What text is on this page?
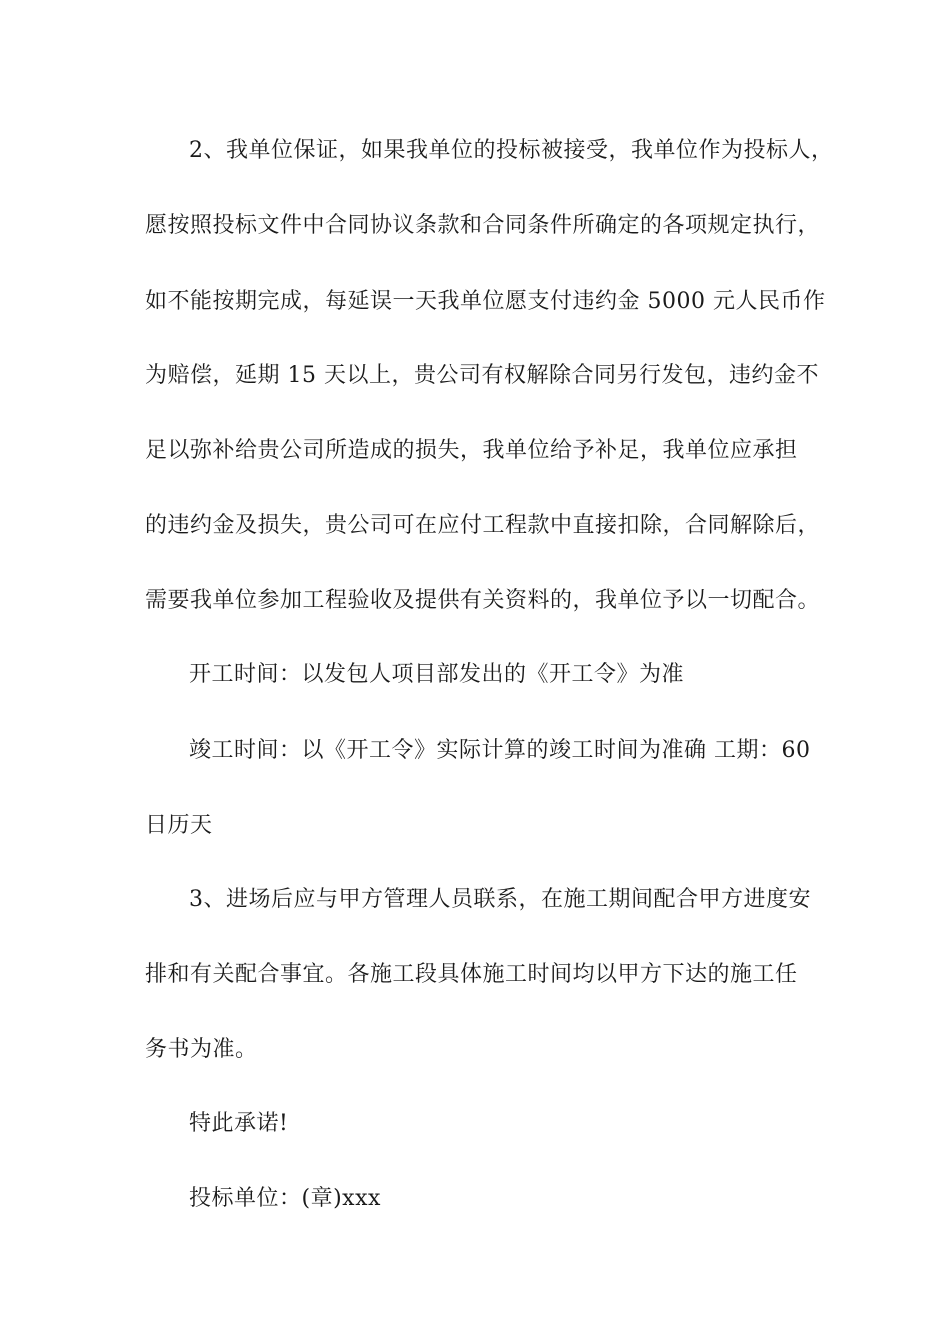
2、我单位保证，如果我单位的投标被接受，我单位作为投标人，
愿按照投标文件中合同协议条款和合同条件所确定的各项规定执行，
如不能按期完成，每延误一天我单位愿支付违约金 5000 元人民币作
为赔偿，延期 15 天以上，贵公司有权解除合同另行发包，违约金不
足以弥补给贵公司所造成的损失，我单位给予补足，我单位应承担
的违约金及损失，贵公司可在应付工程款中直接扣除，合同解除后，
需要我单位参加工程验收及提供有关资料的，我单位予以一切配合。
开工时间：以发包人项目部发出的《开工令》为准
竣工时间：以《开工令》实际计算的竣工时间为准确 工期：60
日历天
3、进场后应与甲方管理人员联系，在施工期间配合甲方进度安
排和有关配合事宜。各施工段具体施工时间均以甲方下达的施工任
务书为准。
特此承诺!
投标单位：(章)xxx
